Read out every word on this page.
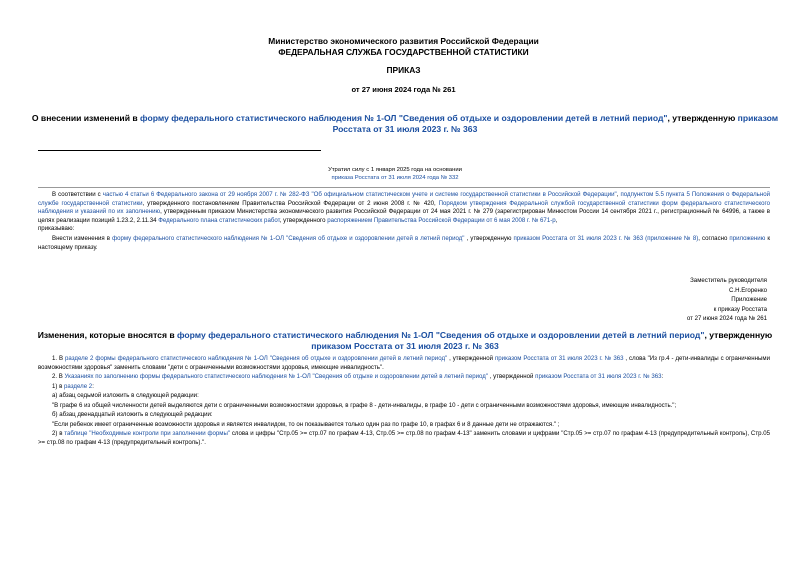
Министерство экономического развития Российской Федерации
ФЕДЕРАЛЬНАЯ СЛУЖБА ГОСУДАРСТВЕННОЙ СТАТИСТИКИ
ПРИКАЗ
от 27 июня 2024 года № 261
О внесении изменений в форму федерального статистического наблюдения № 1-ОЛ "Сведения об отдыхе и оздоровлении детей в летний период", утвержденную приказом Росстата от 31 июля 2023 г. № 363
Утратил силу с 1 января 2025 года на основании
приказа Росстата от 31 июля 2024 года № 332

В соответствии с частью 4 статьи 6 Федерального закона от 29 ноября 2007 г. № 282-ФЗ "Об официальном статистическом учете и системе государственной статистики в Российской Федерации", подпунктом 5.5 пункта 5 Положения о Федеральной службе государственной статистики, утвержденного постановлением Правительства Российской Федерации от 2 июня 2008 г. № 420, Порядком утверждения Федеральной службой государственной статистики форм федерального статистического наблюдения и указаний по их заполнению, утвержденным приказом Министерства экономического развития Российской Федерации от 24 мая 2021 г. № 279 (зарегистрирован Минюстом России 14 сентября 2021 г., регистрационный № 64996, а также в целях реализации позиций 1.23.2, 2.11.34 Федерального плана статистических работ, утвержденного распоряжением Правительства Российской Федерации от 6 мая 2008 г. № 671-р,

приказываю:

Внести изменения в форму федерального статистического наблюдения № 1-ОЛ "Сведения об отдыхе и оздоровлении детей в летний период" , утвержденную приказом Росстата от 31 июля 2023 г. № 363 (приложение № 8), согласно приложению к настоящему приказу.

Заместитель руководителя
С.Н.Егоренко
Приложение
к приказу Росстата
от 27 июня 2024 года № 261
Изменения, которые вносятся в форму федерального статистического наблюдения № 1-ОЛ "Сведения об отдыхе и оздоровлении детей в летний период", утвержденную приказом Росстата от 31 июля 2023 г. № 363

1. В разделе 2 формы федерального статистического наблюдения № 1-ОЛ "Сведения об отдыхе и оздоровлении детей в летний период" , утвержденной приказом Росстата от 31 июля 2023 г. № 363 , слова "Из гр.4 - дети-инвалиды с ограниченными возможностями здоровья" заменить словами "дети с ограниченными возможностями здоровья, имеющие инвалидность".

2. В Указаниях по заполнению формы федерального статистического наблюдения № 1-ОЛ "Сведения об отдыхе и оздоровлении детей в летний период" , утвержденной приказом Росстата от 31 июля 2023 г. № 363:

1) в разделе 2:

а) абзац седьмой изложить в следующей редакции:

"В графе 6 из общей численности детей выделяются дети с ограниченными возможностями здоровья, в графе 8 - дети-инвалиды, в графе 10 - дети с ограниченными возможностями здоровья, имеющие инвалидность.";

б) абзац двенадцатый изложить в следующей редакции:

"Если ребенок имеет ограниченные возможности здоровья и является инвалидом, то он показывается только один раз по графе 10, в графах 6 и 8 данные дети не отражаются." ;

2) в таблице "Необходимые контроли при заполнении формы" слова и цифры "Стр.05 >= стр.07 по графам 4-13, Стр.05 >= стр.08 по графам 4-13" заменить словами и цифрами "Стр.05 >= стр.07 по графам 4-13 (предупредительный контроль), Стр.05 >= стр.08 по графам 4-13 (предупредительный контроль).".
